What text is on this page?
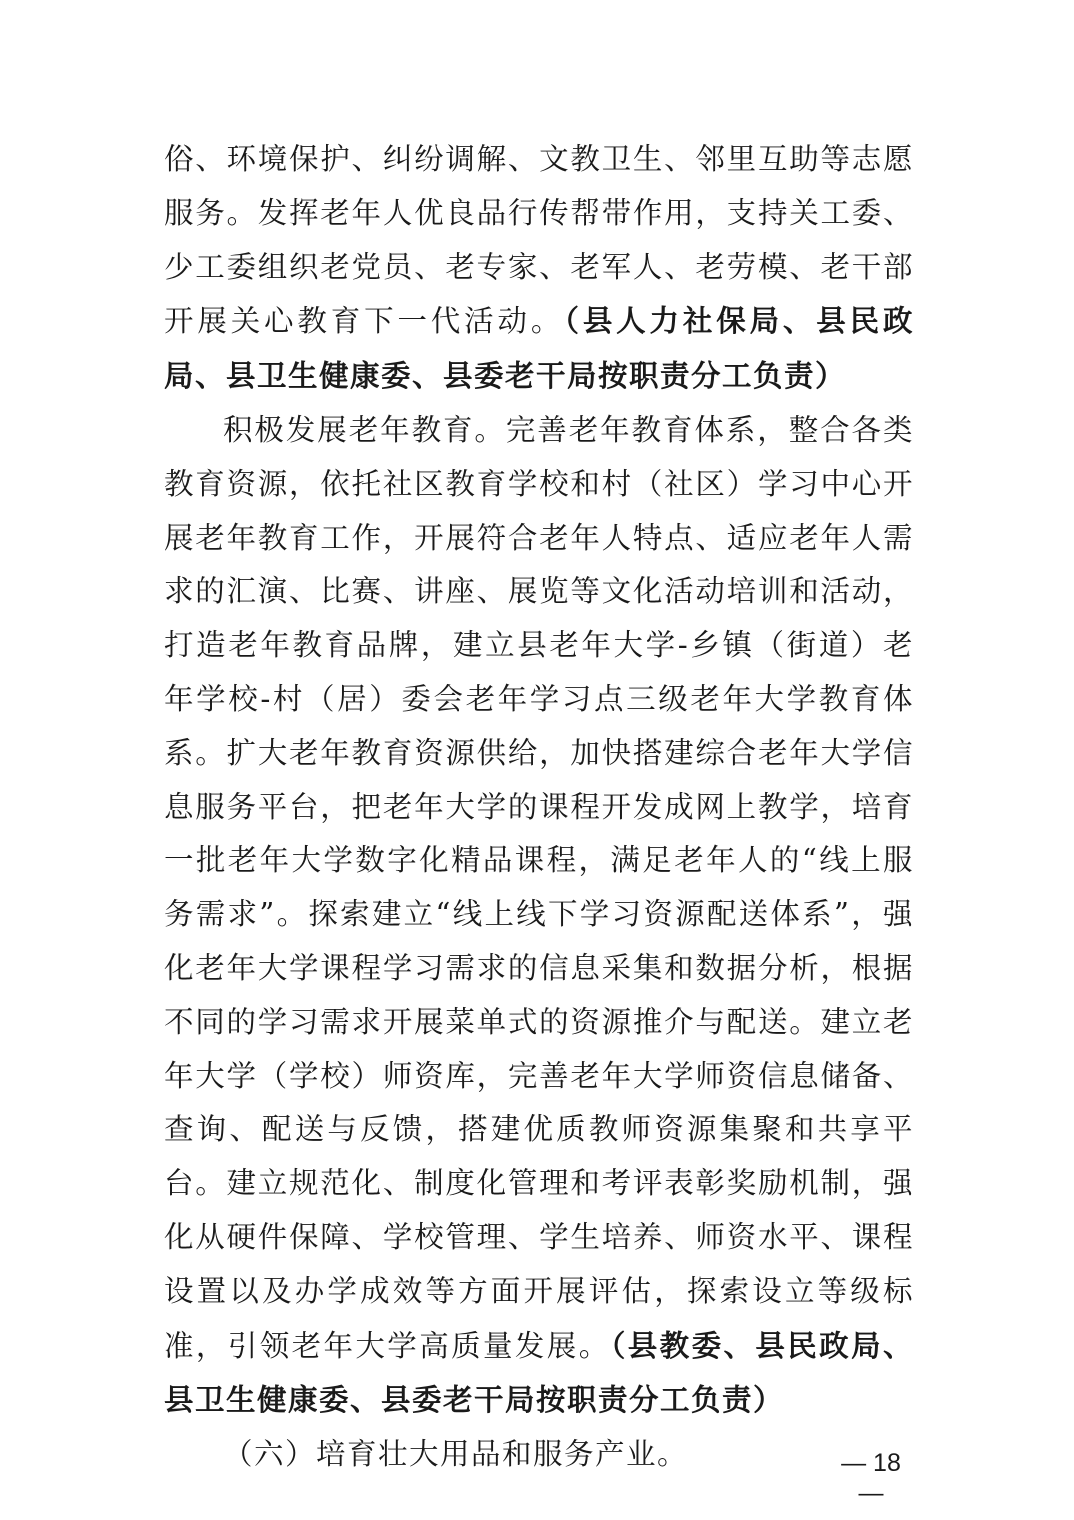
俗、环境保护、纠纷调解、文教卫生、邻里互助等志愿服务。发挥老年人优良品行传帮带作用，支持关工委、少工委组织老党员、老专家、老军人、老劳模、老干部开展关心教育下一代活动。（县人力社保局、县民政局、县卫生健康委、县委老干局按职责分工负责）

积极发展老年教育。完善老年教育体系，整合各类教育资源，依托社区教育学校和村（社区）学习中心开展老年教育工作，开展符合老年人特点、适应老年人需求的汇演、比赛、讲座、展览等文化活动培训和活动，打造老年教育品牌，建立县老年大学-乡镇（街道）老年学校-村（居）委会老年学习点三级老年大学教育体系。扩大老年教育资源供给，加快搭建综合老年大学信息服务平台，把老年大学的课程开发成网上教学，培育一批老年大学数字化精品课程，满足老年人的“线上服务需求”。探索建立“线上线下学习资源配送体系”，强化老年大学课程学习需求的信息采集和数据分析，根据不同的学习需求开展菜单式的资源推介与配送。建立老年大学（学校）师资库，完善老年大学师资信息储备、查询、配送与反馈，搭建优质教师资源集聚和共享平台。建立规范化、制度化管理和考评表彰奖励机制，强化从硬件保障、学校管理、学生培养、师资水平、课程设置以及办学成效等方面开展评估，探索设立等级标准，引领老年大学高质量发展。（县教委、县民政局、县卫生健康委、县委老干局按职责分工负责）

（六）培育壮大用品和服务产业。	— 18 —
